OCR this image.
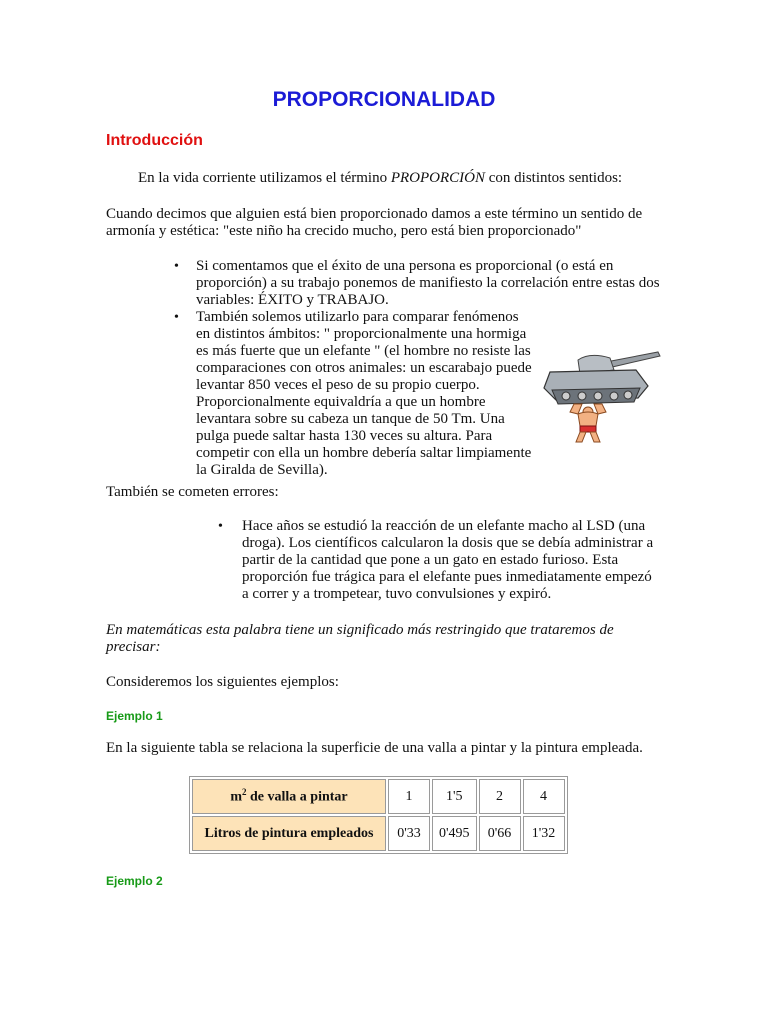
PROPORCIONALIDAD
Introducción

En la vida corriente utilizamos el término PROPORCIÓN con distintos sentidos:

Cuando decimos que alguien está bien proporcionado damos a este término un sentido de armonía y estética: "este niño ha crecido mucho, pero está bien proporcionado"

• Si comentamos que el éxito de una persona es proporcional (o está en proporción) a su trabajo ponemos de manifiesto la correlación entre estas dos variables: ÉXITO y TRABAJO.
• También solemos utilizarlo para comparar fenómenos en distintos ámbitos: " proporcionalmente una hormiga es más fuerte que un elefante " (el hombre no resiste las comparaciones con otros animales: un escarabajo puede levantar 850 veces el peso de su propio cuerpo. Proporcionalmente equivaldría a que un hombre levantara sobre su cabeza un tanque de 50 Tm. Una pulga puede saltar hasta 130 veces su altura. Para competir con ella un hombre debería saltar limpiamente la Giralda de Sevilla).

También se cometen errores:

• Hace años se estudió la reacción de un elefante macho al LSD (una droga). Los científicos calcularon la dosis que se debía administrar a partir de la cantidad que pone a un gato en estado furioso. Esta proporción fue trágica para el elefante pues inmediatamente empezó a correr y a trompetear, tuvo convulsiones y expiró.

En matemáticas esta palabra tiene un significado más restringido que trataremos de precisar:

Consideremos los siguientes ejemplos:

Ejemplo 1

En la siguiente tabla se relaciona la superficie de una valla a pintar y la pintura empleada.

$m^2$ de valla a pintar	1	1'5	2	4
Litros de pintura empleados	0'33	0'495	0'66	1'32
Ejemplo 2
